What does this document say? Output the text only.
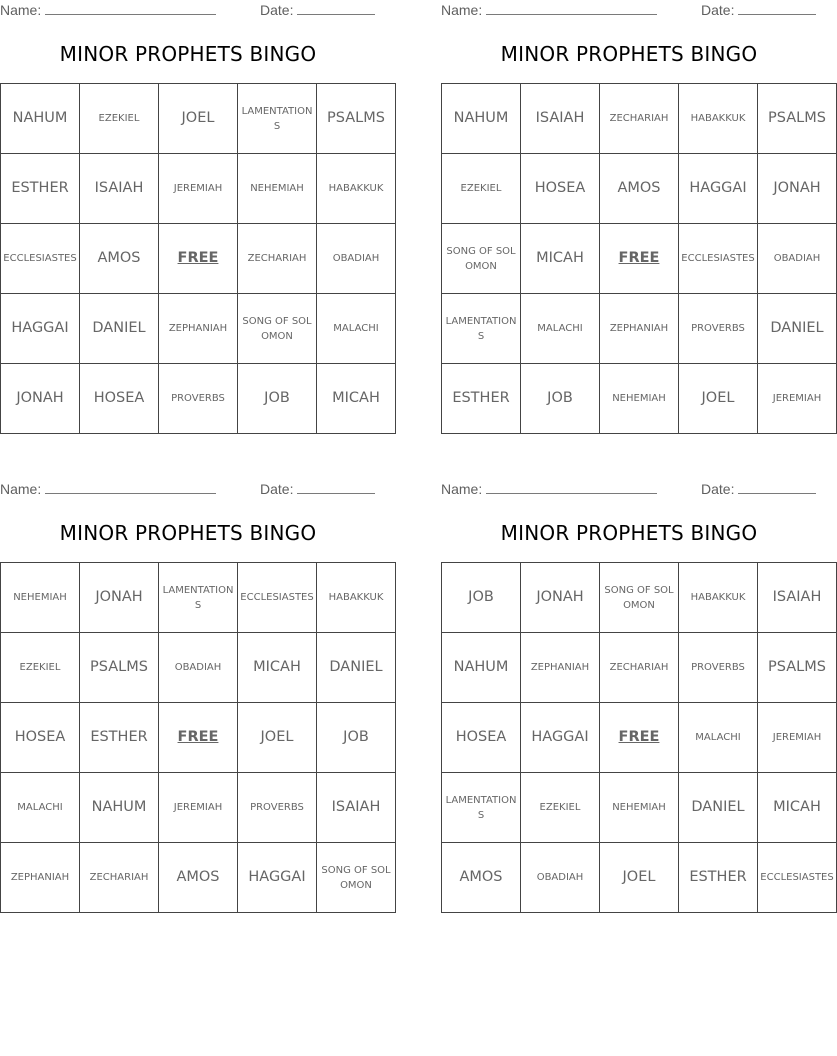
Name:	Date:
MINOR PROPHETS BINGO
NAHUM	EZEKIEL	JOEL	LAMENTATIONS	PSALMS
ESTHER	ISAIAH	JEREMIAH	NEHEMIAH	HABAKKUK
ECCLESIASTES	AMOS	FREE	ZECHARIAH	OBADIAH
HAGGAI	DANIEL	ZEPHANIAH	SONG OF SOLOMON	MALACHI
JONAH	HOSEA	PROVERBS	JOB	MICAH
Name:	Date:
MINOR PROPHETS BINGO
NAHUM	ISAIAH	ZECHARIAH	HABAKKUK	PSALMS
EZEKIEL	HOSEA	AMOS	HAGGAI	JONAH
SONG OF SOLOMON	MICAH	FREE	ECCLESIASTES	OBADIAH
LAMENTATIONS	MALACHI	ZEPHANIAH	PROVERBS	DANIEL
ESTHER	JOB	NEHEMIAH	JOEL	JEREMIAH
Name:	Date:
MINOR PROPHETS BINGO
NEHEMIAH	JONAH	LAMENTATIONS	ECCLESIASTES	HABAKKUK
EZEKIEL	PSALMS	OBADIAH	MICAH	DANIEL
HOSEA	ESTHER	FREE	JOEL	JOB
MALACHI	NAHUM	JEREMIAH	PROVERBS	ISAIAH
ZEPHANIAH	ZECHARIAH	AMOS	HAGGAI	SONG OF SOLOMON
Name:	Date:
MINOR PROPHETS BINGO
JOB	JONAH	SONG OF SOLOMON	HABAKKUK	ISAIAH
NAHUM	ZEPHANIAH	ZECHARIAH	PROVERBS	PSALMS
HOSEA	HAGGAI	FREE	MALACHI	JEREMIAH
LAMENTATIONS	EZEKIEL	NEHEMIAH	DANIEL	MICAH
AMOS	OBADIAH	JOEL	ESTHER	ECCLESIASTES
